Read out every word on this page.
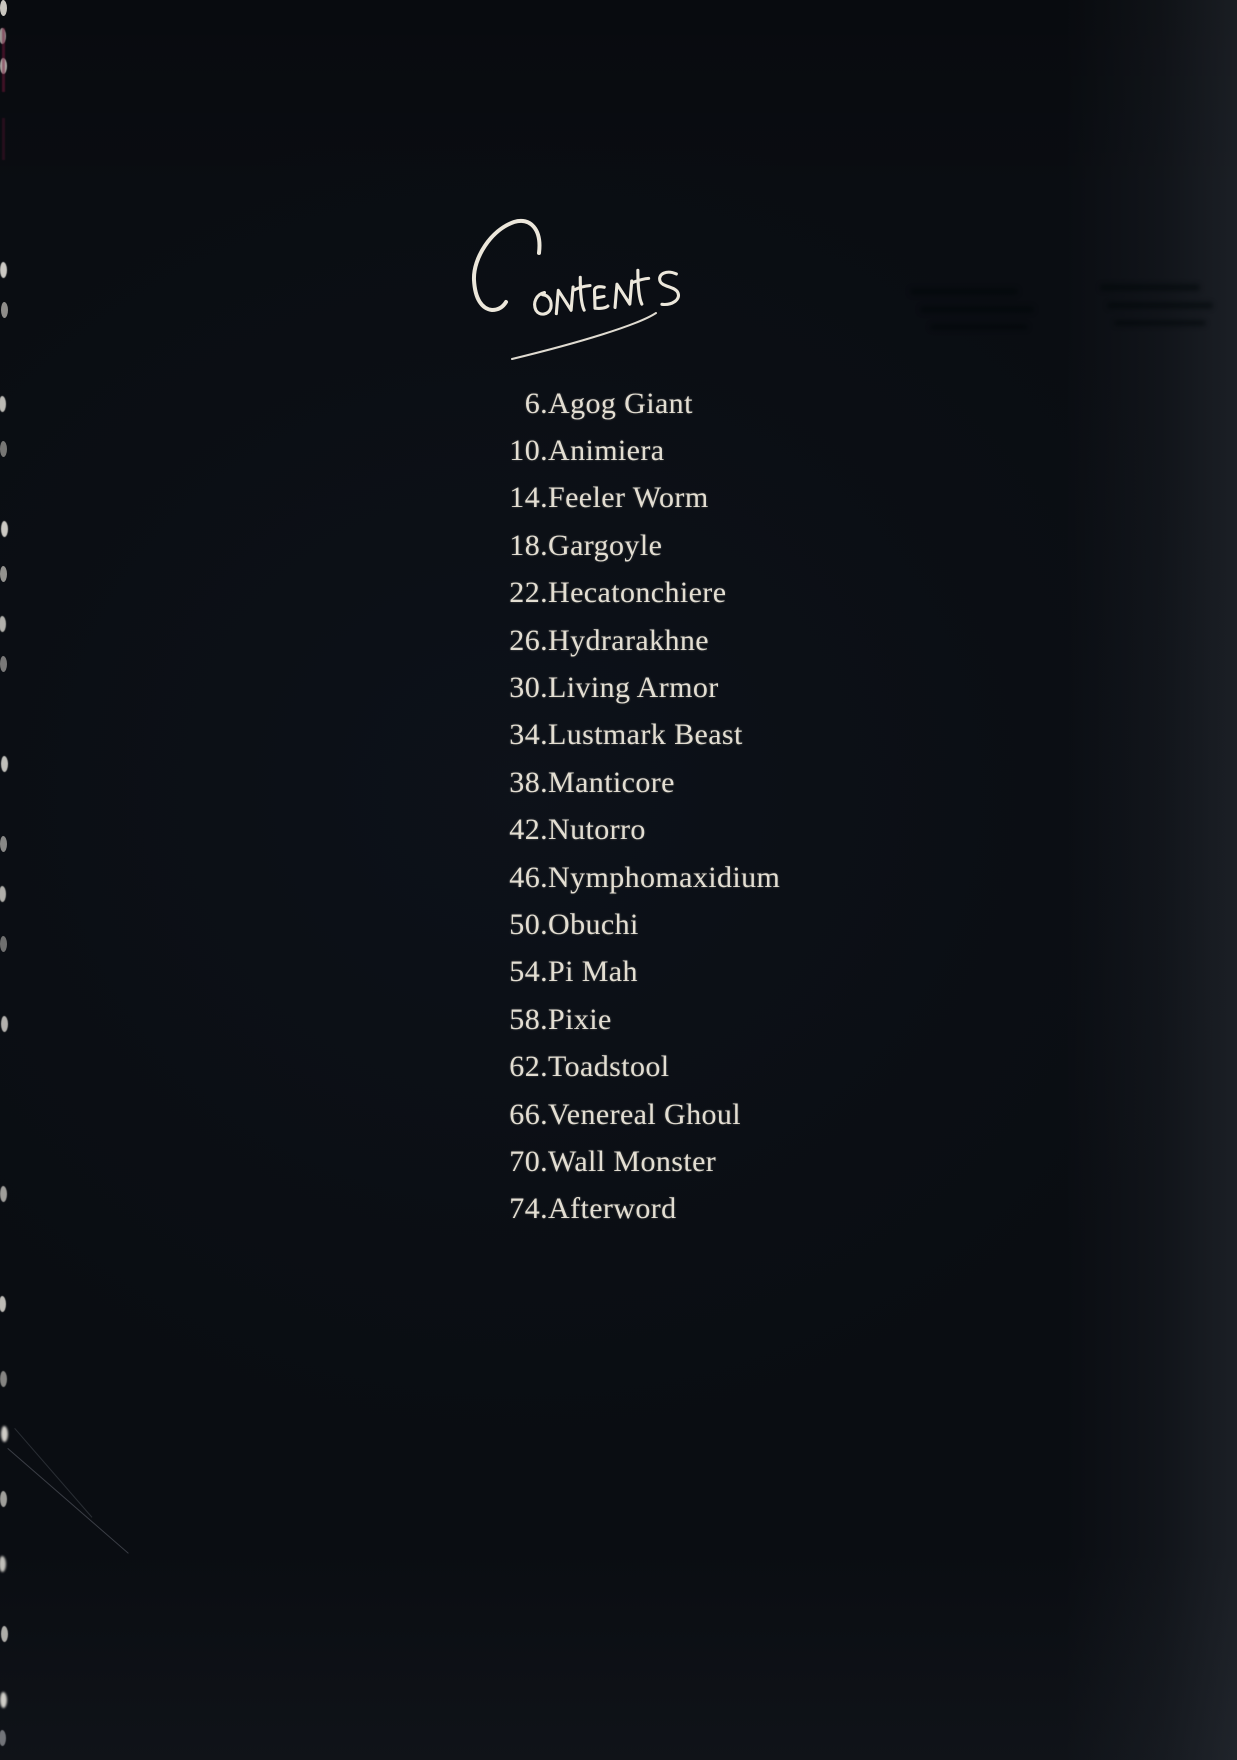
6. Agog Giant
10. Animiera
14. Feeler Worm
18. Gargoyle
22. Hecatonchiere
26. Hydrarakhne
30. Living Armor
34. Lustmark Beast
38. Manticore
42. Nutorro
46. Nymphomaxidium
50. Obuchi
54. Pi Mah
58. Pixie
62. Toadstool
66. Venereal Ghoul
70. Wall Monster
74. Afterword
